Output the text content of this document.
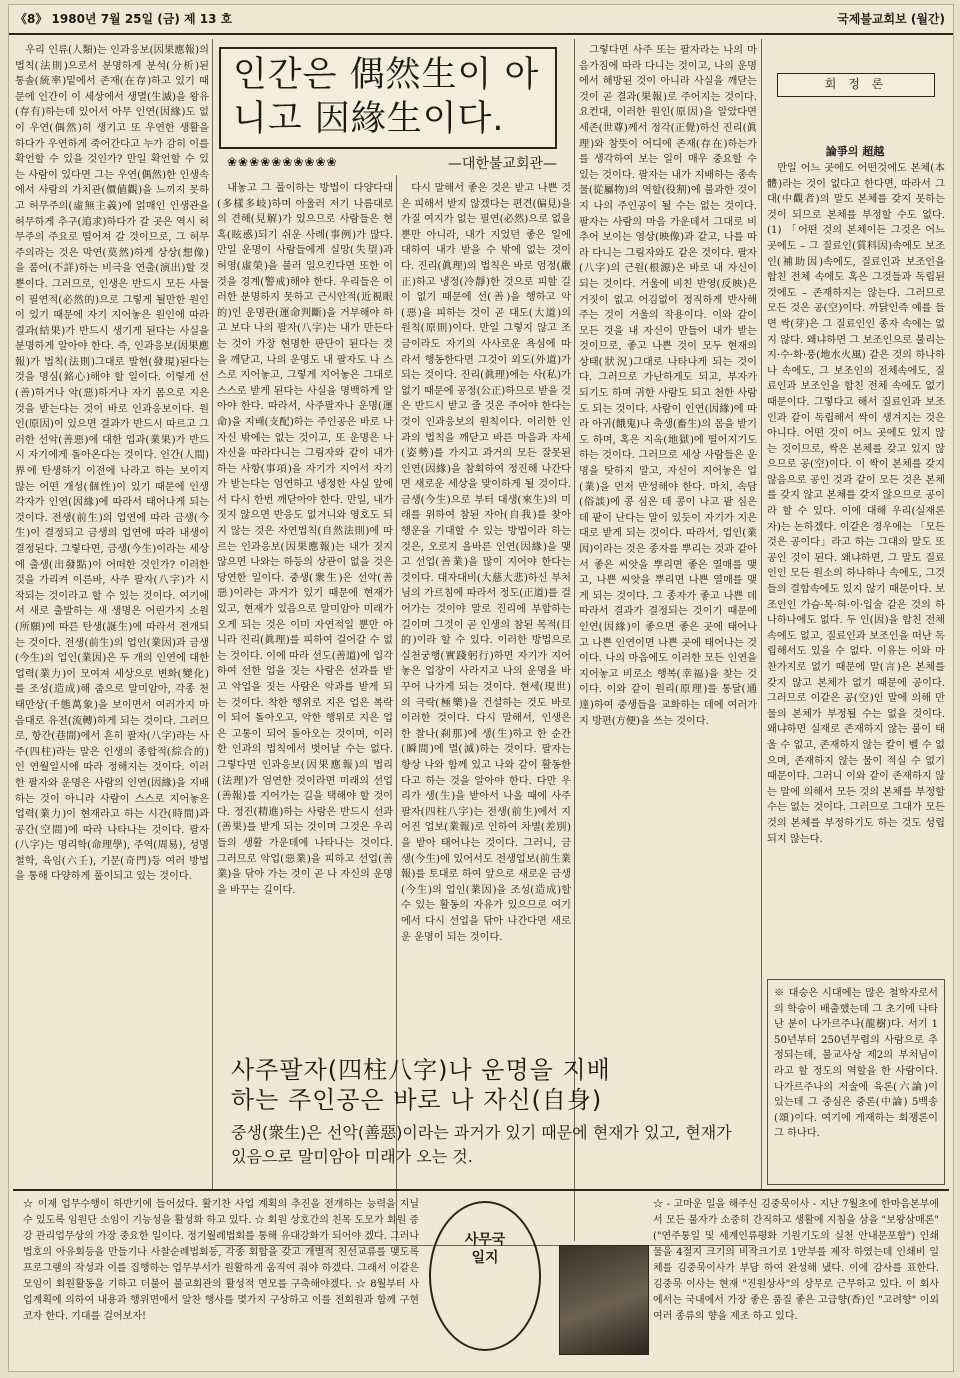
《8》 1980년 7월 25일 (금) 제 13 호	국제불교회보 (월간)

우리 인류(人類)는 인과응보(因果應報)의 법칙(法則)으로서 분명하게 분석(分析)된 통솔(統率)밑에서 존재(在存)하고 있기 때문에 인간이 이 세상에서 생멸(生滅)을 왕유(存有)하는데 있어서 아무 인연(因緣)도 없이 우연(偶然)히 생기고 또 우연한 생활을 하다가 우연하게 죽어간다고 누가 감히 이를 확언할 수 있을 것인가? 만일 확언할 수 있는 사람이 있다면 그는 우연(偶然)한 인생속에서 사람의 가치관(價値觀)을 느끼지 못하고 허무주의(虛無主義)에 얽매인 인생관을 허무하게 추구(追求)하다가 갈 곳은 역시 허무주의 주요로 떨어져 갈 것이므로, 그 허무주의라는 것은 막연(莫然)하게 상상(想像)을 품어(不詳)하는 비극을 연출(演出)할 것 뿐이다. 그러므로, 인생은 반드시 모든 사물이 필연적(必然的)으로 그렇게 될만한 원인이 있기 때문에 자기 지어놓은 원인에 따라 결과(結果)가 반드시 생기게 된다는 사실을 분명하게 알아야 한다. 즉, 인과응보(因果應報)가 법칙(法則)그대로 발현(發現)된다는 것을 명심(銘心)해야 할 일이다. 이렇게 선(善)하거나 악(惡)하거나 자기 몸으로 지은 것을 받는다는 것이 바로 인과응보이다. 원인(原因)이 있으면 결과가 반드시 따르고 그러한 선악(善惡)에 대한 업과(業果)가 반드시 자기에게 돌아온다는 것이다. 인간(人間)界에 탄생하기 이전에 나라고 하는 보이지 않는 어떤 개성(個性)이 있기 때문에 인생 각자가 인연(因緣)에 따라서 태어나게 되는 것이다. 전생(前生)의 업연에 따라 금생(今生)이 결정되고 금생의 업연에 따라 내생이 결정된다. 그렇다면, 금생(今生)이라는 세상에 출생(出發點)이 어떠한 것인가? 이러한 것을 가리켜 이른바, 사주 팔자(八字)가 시작되는 것이라고 할 수 있는 것이다. 여기에서 새로 출발하는 새 생명은 어린가지 소원(所願)에 따른 탄생(誕生)에 따라서 전개되는 것이다. 전생(前生)의 업인(業因)과 금생(今生)의 업인(業因)은 두 개의 인연에 대한 업력(業力)이 모여져 세상으로 변화(變化)를 조성(造成)해 줌으로 말미암아, 각종 천태만상(千態萬象)을 보이면서 여러가지 마음대로 유전(流轉)하게 되는 것이다. 그러므로, 항간(巷間)에서 흔히 팔자(八字)라는 사주(四柱)라는 말은 인생의 종합적(綜合的)인 연월일시에 따라 정해지는 것이다. 이러한 팔자와 운명은 사람의 인연(因緣)을 지배하는 것이 아니라 사람이 스스로 지어놓은 업력(業力)이 현재라고 하는 시간(時間)과 공간(空間)에 따라 나타나는 것이다. 팔자(八字)는 명리학(命理學), 주역(周易), 성명철학, 육임(六壬), 기문(奇門)등 여러 방법을 통해 다양하게 풀이되고 있는 것이다.

인간은 偶然生이 아
니고 因緣生이다.
❀❀❀❀❀❀❀❀❀❀	—대한불교회관—

내놓고 그 풀이하는 방법이 다양다대(多樣多岐)하며 아울러 저기 나름대로의 견해(見解)가 있으므로 사람들은 현혹(眩惑)되기 쉬운 사례(事例)가 많다. 만일 운명이 사람들에게 실망(失望)과 허영(虛榮)을 불러 일으킨다면 또한 이것을 경계(警戒)해야 한다. 우리들은 이러한 분명하지 못하고 근시안적(近視眼的)인 운명관(運命判斷)을 거부해야 하고 보다 나의 팔자(八字)는 내가 만든다는 것이 가장 현명한 판단이 된다는 것을 깨닫고, 나의 운명도 내 팔자도 나 스스로 지어놓고, 그렇게 지어놓은 그대로 스스로 받게 된다는 사실을 명백하게 알아야 한다. 따라서, 사주팔자나 운명(運命)을 지배(支配)하는 주인공은 바로 나 자신 밖에는 없는 것이고, 또 운명은 나 자신을 따라다니는 그림자와 같이 내가 하는 사항(事項)을 자기가 지어서 자기가 받는다는 엄연하고 냉정한 사실 앞에서 다시 한번 깨닫아야 한다. 만일, 내가 짓지 않으면 반응도 없거니와 영호도 되지 않는 것은 자연법칙(自然法則)에 따르는 인과응보(因果應報)는 내가 짓지 않으면 나와는 하등의 상관이 없을 것은 당연한 일이다. 중생(衆生)은 선악(善惡)이라는 과거가 있기 때문에 현재가 있고, 현재가 있음으로 말미암아 미래가 오게 되는 것은 이미 자연적일 뿐만 아니라 진리(眞理)를 피하여 걸어갈 수 없는 것이다. 이에 따라 선도(善道)에 입각하여 선한 업을 짓는 사람은 선과를 받고 악업을 짓는 사람은 악과를 받게 되는 것이다. 착한 행위로 지은 업은 복락이 되어 돌아오고, 악한 행위로 지은 업은 고통이 되어 돌아오는 것이며, 이러한 인과의 법칙에서 벗어날 수는 없다. 그렇다면 인과응보(因果應報)의 법리(法理)가 엄연한 것이라면 미래의 선업(善報)를 지어가는 길을 택해야 할 것이다. 정진(精進)하는 사람은 반드시 선과(善果)를 받게 되는 것이며 그것은 우리들의 생활 가운데에 나타나는 것이다. 그러므로 악업(惡業)을 피하고 선업(善業)을 닦아 가는 것이 곧 나 자신의 운명을 바꾸는 길이다.

다시 말해서 좋은 것은 받고 나쁜 것은 피해서 받지 않겠다는 편견(偏見)을 가질 여지가 없는 필연(必然)으로 없을 뿐만 아니라, 내가 지었던 좋은 일에 대하여 내가 받을 수 밖에 없는 것이다. 진리(眞理)의 법칙은 바로 엄정(嚴正)하고 냉정(冷靜)한 것으로 피할 길이 없기 때문에 선(善)을 행하고 악(惡)을 피하는 것이 곧 대도(大道)의 원칙(原則)이다. 만일 그렇지 않고 조금이라도 자기의 사사로운 욕심에 따라서 행동한다면 그것이 외도(外道)가 되는 것이다. 진리(眞理)에는 사(私)가 없기 때문에 공정(公正)하므로 받을 것은 반드시 받고 줄 것은 주어야 한다는 것이 인과응보의 원칙이다. 이러한 인과의 법칙을 깨닫고 바른 마음과 자세(姿勢)를 가지고 과거의 모든 잘못된 인연(因緣)을 참회하여 정진해 나간다면 새로운 세상을 맞이하게 될 것이다. 금생(今生)으로 부터 대생(來生)의 미래를 위하여 참된 자아(自我)를 찾아 행운을 기대할 수 있는 방법이라 하는 것은, 오로지 올바른 인연(因緣)을 맺고 선업(善業)을 많이 지어야 한다는 것이다. 대자대비(大慈大悲)하신 부처님의 가르침에 따라서 정도(正道)를 걸어가는 것이야 말로 진리에 부합하는 길이며 그것이 곧 인생의 참된 목적(目的)이라 할 수 있다. 이러한 방법으로 실천궁행(實踐躬行)하면 자기가 지어놓은 업장이 사라지고 나의 운명을 바꾸어 나가게 되는 것이다. 현세(現世)의 극락(極樂)을 건설하는 것도 바로 이러한 것이다. 다시 말해서, 인생은 한 찰나(刹那)에 생(生)하고 한 순간(瞬間)에 멸(滅)하는 것이다. 팔자는 항상 나와 함께 있고 나와 같이 활동한다고 하는 것을 알아야 한다. 다만 우리가 생(生)을 받아서 나올 때에 사주팔자(四柱八字)는 전생(前生)에서 지어진 업보(業報)로 인하여 차별(差別)을 받아 태어나는 것이다. 그러니, 금생(今生)에 있어서도 전생업보(前生業報)를 토대로 하여 앞으로 새로운 금생(今生)의 업인(業因)을 조성(造成)할 수 있는 활동의 자유가 있으므로 여기에서 다시 선업을 닦아 나간다면 새로운 운명이 되는 것이다.

그렇다면 사주 또는 팔자라는 나의 마음가짐에 따라 다니는 것이고, 나의 운명에서 해방된 것이 아니라 사실을 깨닫는 것이 곧 결과(果報)로 주어지는 것이다. 요컨대, 이러한 원인(原因)을 알았다면 세존(世尊)께서 정각(正覺)하신 진리(眞理)와 참뜻이 어디에 존재(存在)하는가를 생각하여 보는 일이 매우 중요할 수 있는 것이다. 팔자는 내가 지배하는 종속물(從屬物)의 역할(役割)에 불과한 것이지 나의 주인공이 될 수는 없는 것이다. 팔자는 사람의 마음 가운데서 그대로 비추어 보이는 영상(映像)과 같고, 나를 따라 다니는 그림자와도 같은 것이다. 팔자(八字)의 근원(根源)은 바로 내 자신이 되는 것이다. 거울에 비친 반영(反映)은 거짓이 없고 어김없이 정직하게 반사해 주는 것이 거울의 작용이다. 이와 같이 모든 것을 내 자신이 만들어 내가 받는 것이므로, 좋고 나쁜 것이 모두 현재의 상태(狀況)그대로 나타나게 되는 것이다. 그러므로 가난하게도 되고, 부자가 되기도 하며 귀한 사람도 되고 천한 사람도 되는 것이다. 사람이 인연(因緣)에 따라 아귀(餓鬼)나 축생(畜生)의 몸을 받기도 하며, 혹은 지옥(地獄)에 떨어지기도 하는 것이다. 그러므로 세상 사람들은 운명을 탓하지 말고, 자신이 지어놓은 업(業)을 먼저 반성해야 한다. 마치, 속담(俗談)에 콩 심은 데 콩이 나고 팥 심은 데 팥이 난다는 말이 있듯이 자기가 지은 대로 받게 되는 것이다. 따라서, 업인(業因)이라는 것은 종자를 뿌리는 것과 같아서 좋은 씨앗을 뿌리면 좋은 열매를 맺고, 나쁜 씨앗을 뿌리면 나쁜 열매를 맺게 되는 것이다. 그 종자가 좋고 나쁜 데 따라서 결과가 결정되는 것이기 때문에 인연(因緣)이 좋으면 좋은 곳에 태어나고 나쁜 인연이면 나쁜 곳에 태어나는 것이다. 나의 마음에도 이러한 모든 인연을 지어놓고 비로소 행복(幸福)을 찾는 것이다. 이와 같이 원리(原理)를 통달(通達)하여 중생들을 교화하는 데에 여러가지 방편(方便)을 쓰는 것이다.

회 정 론
論爭의 超越

만일 어느 곳에도 어떤것에도 본체(本體)라는 것이 없다고 한다면, 따라서 그대(中觀者)의 말도 본체를 갖지 못하는 것이 되므로 본체를 부정할 수도 없다. (1) 「어떤 것의 본체이든 그것은 어느 곳에도 – 그 질료인(質料因)속에도 보조인(補助因)속에도, 질료인과 보조인을 합친 전체 속에도 혹은 그것들과 독립된 것에도 – 존재하지는 않는다. 그러므로 모든 것은 공(空)이다. 까닭인즉 예를 들면 싹(芽)은 그 질료인인 종자 속에는 없지 않다. 왜냐하면 그 보조인으로 불리는 지·수·화·풍(地水火風) 같은 것의 하나하나 속에도, 그 보조인의 전체속에도, 질료인과 보조인을 합친 전체 속에도 없기 때문이다. 그렇다고 해서 질료인과 보조인과 같이 독립해서 싹이 생겨지는 것은 아니다. 어떤 것이 어느 곳에도 있지 않는 것이므로, 싹은 본체를 갖고 있지 않으므로 공(空)이다. 이 싹이 본체를 갖지 않음으로 공인 것과 같이 모든 것은 본체를 갖지 않고 본체를 갖지 않으므로 공이라 할 수 있다. 이에 대해 우리(실재론자)는 논하겠다. 이같은 경우에는 「모든 것은 공이다」라고 하는 그대의 말도 또 공인 것이 된다. 왜냐하면, 그 말도 질료인인 모든 원소의 하나하나 속에도, 그것들의 결합속에도 있지 않기 때문이다. 보조인인 가슴·목·혀·이·입술 같은 것의 하나하나에도 없다. 두 인(因)을 합친 전체속에도 없고, 질료인과 보조인을 떠난 독립해서도 있을 수 없다. 이유는 이와 마찬가지로 없기 때문에 말(言)은 본체를 갖지 않고 본체가 없기 때문에 공이다. 그러므로 이같은 공(空)인 말에 의해 만물의 본체가 부정될 수는 없을 것이다. 왜냐하면 실재로 존재하지 않는 불이 태울 수 없고, 존재하지 않는 칼이 벨 수 없으며, 존재하지 않는 물이 적실 수 없기 때문이다. 그러니 이와 같이 존재하지 않는 말에 의해서 모든 것의 본체를 부정할 수는 없는 것이다. 그러므로 그대가 모든 것의 본체를 부정하기도 하는 것도 성립되지 않는다.

※ 대승은 시대에는 많은 철학자로서의 학승이 배출했는데 그 초기에 나타난 분이 나가르주나(龍樹)다. 서기 150년부터 250년무렵의 사람으로 추정되는데, 불교사상 제2의 부처님이라고 할 정도의 역할을 한 사람이다. 나가르주나의 저술에 육론(六論)이 있는데 그 중심은 중론(中論) 5백송(頌)이다. 여기에 게재하는 회쟁론이 그 하나다.
사주팔자(四柱八字)나 운명을 지배
하는 주인공은 바로 나 자신(自身)
중생(衆生)은 선악(善惡)이라는 과거가 있기 때문에 현재가 있고, 현재가 있음으로 말미암아 미래가 오는 것.
☆ 이제 업무수행이 하반기에 들어섰다. 활기찬 사업 계획의 추진을 전개하는 능력을 지닐 수 있도록 임원단 소임이 기능성을 활성화 하고 있다. ☆ 회원 상호간의 친목 도모가 회원 증강 관리업무상의 가장 중요한 일이다. 정기월례법회를 통해 유대강화가 되어야 겠다. 그러나 법호의 아유회등을 만들기나 사찰순례법회등, 각종 회합을 갖고 개별적 친선교류를 맺도록 프로그램의 작성과 이를 집행하는 업무부서가 원활하게 움직여 줘야 하겠다. 그래서 이같은 모임이 회원활동을 기하고 더불어 불교회관의 활성적 면모를 구축해야겠다. ☆ 8월부터 사업계획에 의하여 내용과 행위면에서 알찬 행사를 몇가지 구상하고 이를 전회원과 함께 구현코자 한다. 기대를 걸어보자!
사무국일지
☆ - 고마운 일을 해주신 김중묵이사 - 지난 7월초에 한마음본부에서 모든 불자가 소중히 간직하고 생활에 지침을 삼을 "보왕삼매론"("연주통일 및 세계인류평화 기원기도의 실천 안내문포함") 인쇄물을 4절지 크기의 비작크기로 1만부를 제작 하였는데 인쇄비 일체를 김중묵이사가 부담 하여 완성해 냈다. 이에 감사를 표한다. 김중묵 이사는 현재 "진원상사"의 상무로 근무하고 있다. 이 회사에서는 국내에서 가장 좋은 품질 좋은 고급향(香)인 "고려향" 이외 여러 종류의 향을 제조 하고 있다.
